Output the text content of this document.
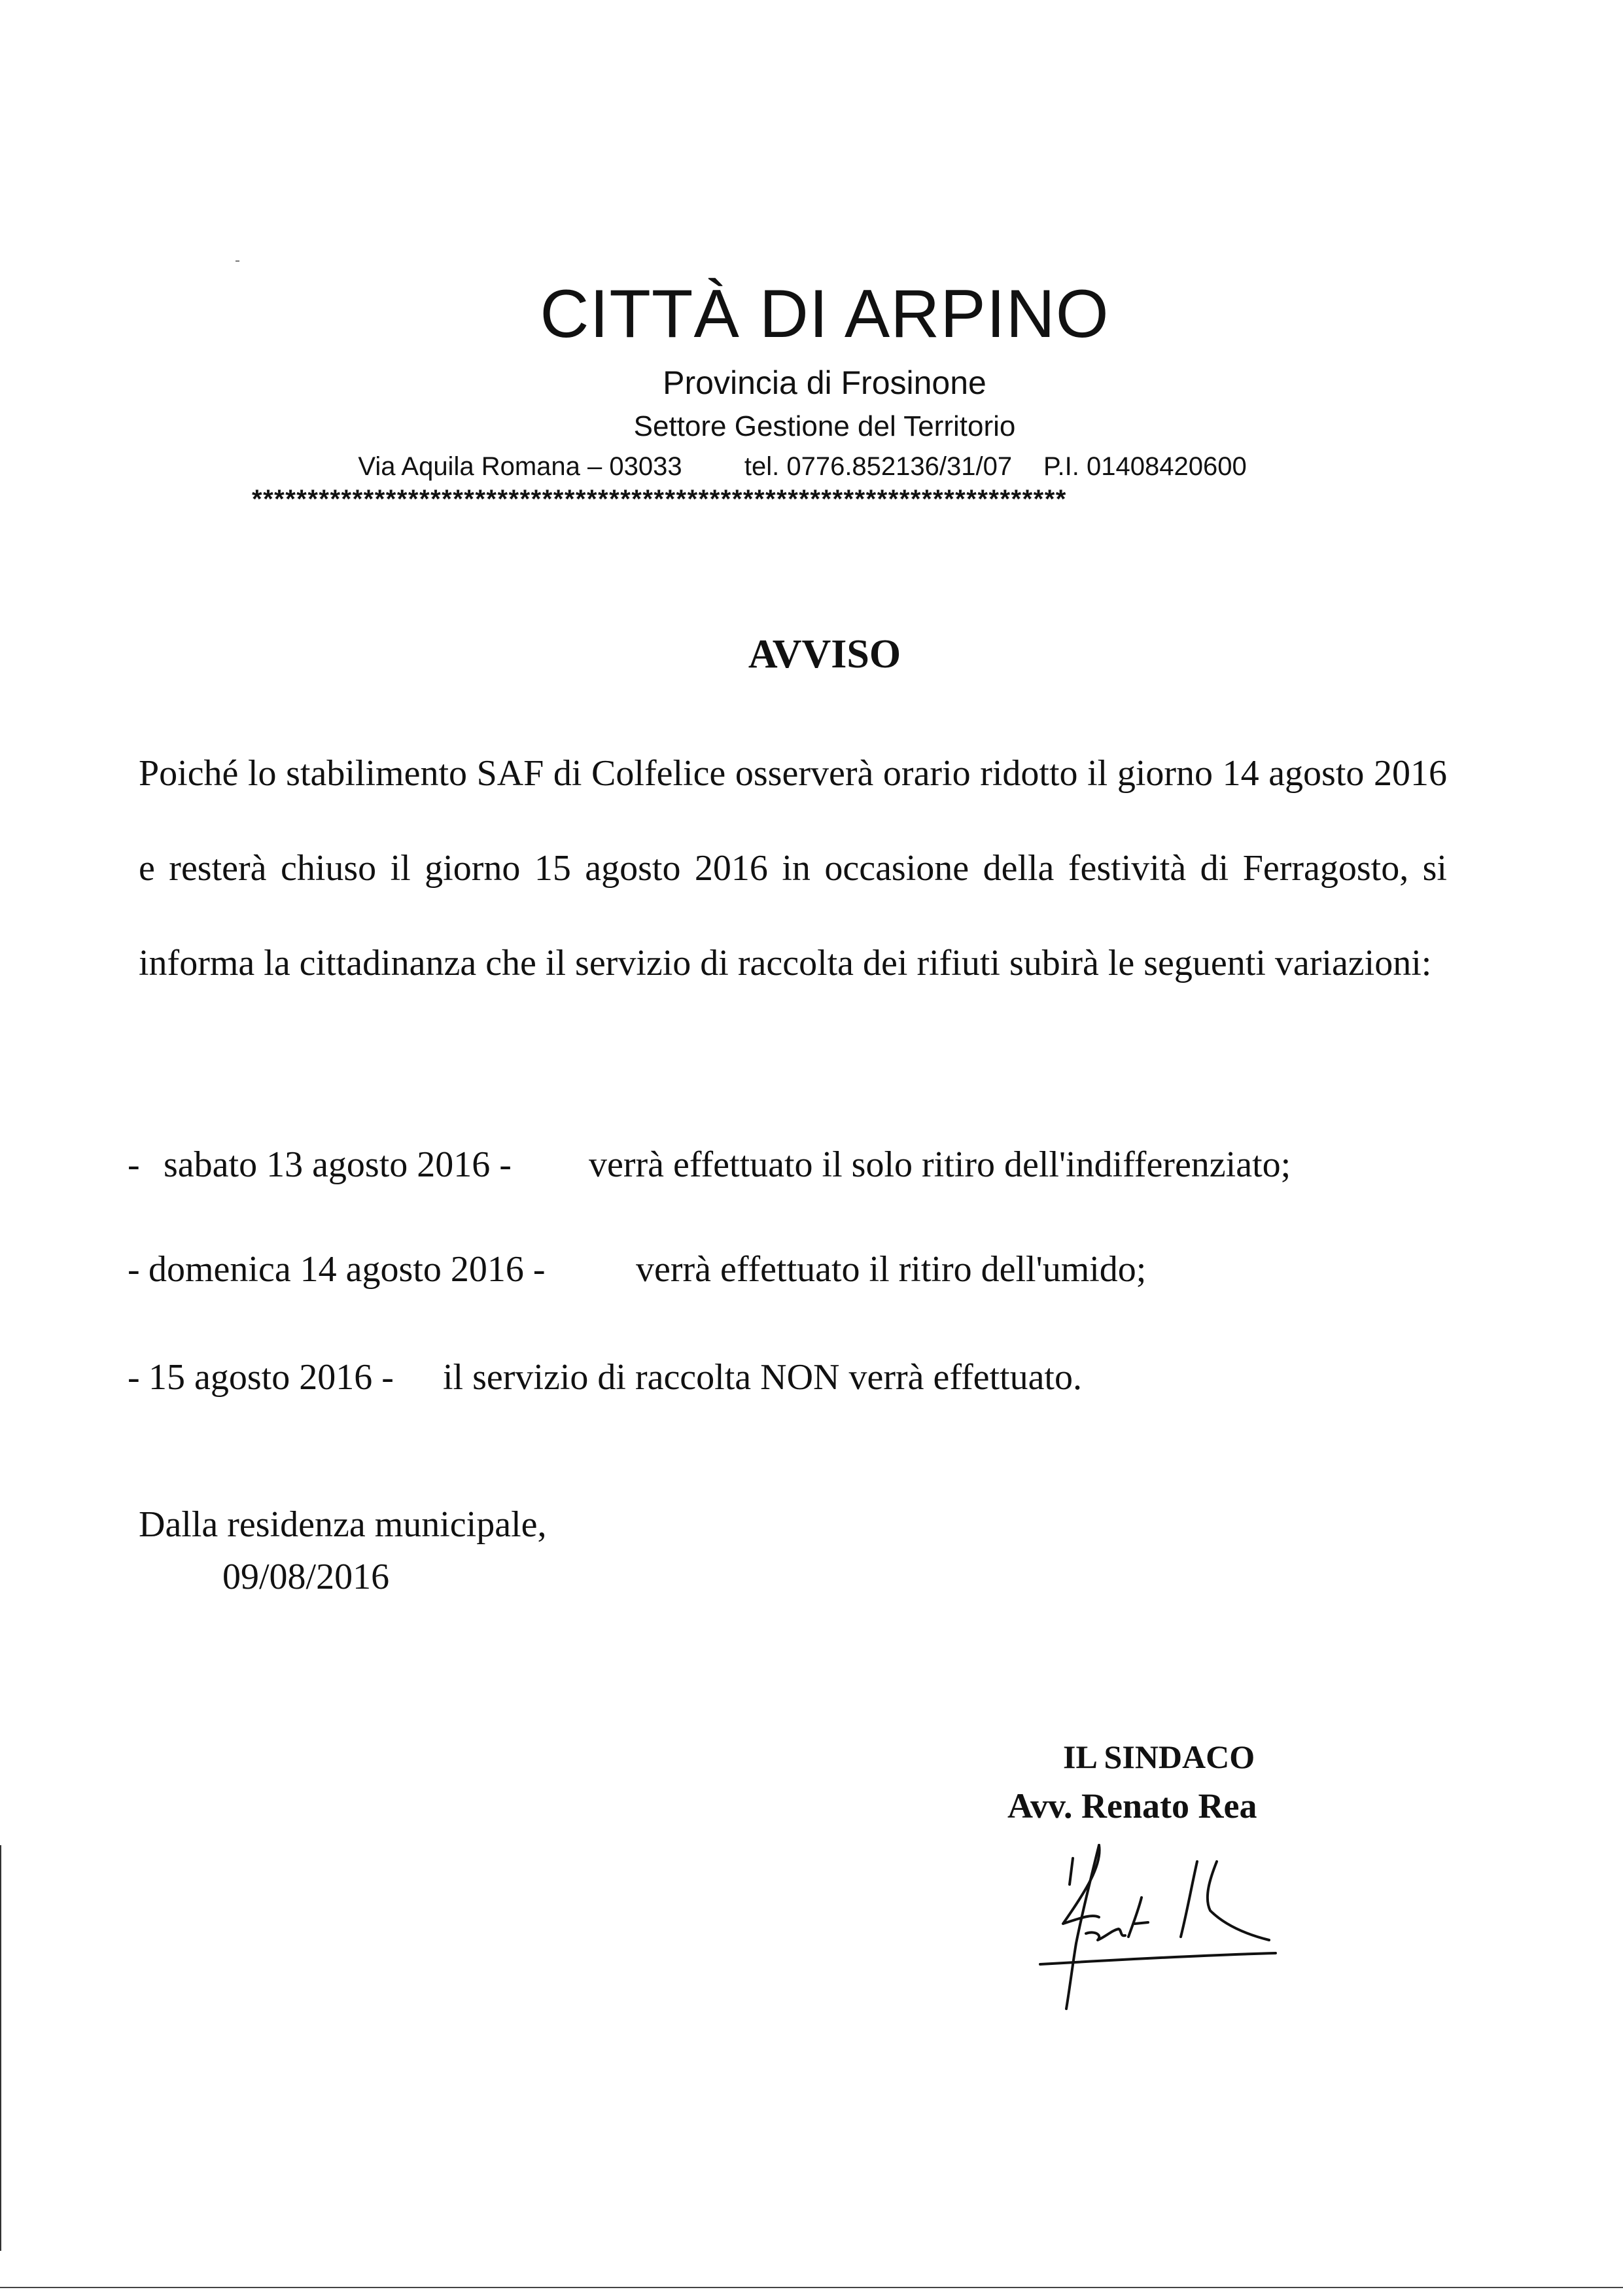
CITTÀ DI ARPINO
Provincia di Frosinone
Settore Gestione del Territorio
Via Aquila Romana – 03033 tel. 0776.852136/31/07 P.I. 01408420600
*************************************************************************
AVVISO
Poiché lo stabilimento SAF di Colfelice osserverà orario ridotto il giorno 14 agosto 2016 e resterà chiuso il giorno 15 agosto 2016 in occasione della festività di Ferragosto, si informa la cittadinanza che il servizio di raccolta dei rifiuti subirà le seguenti variazioni:
- sabato 13 agosto 2016 - verrà effettuato il solo ritiro dell'indifferenziato;
- domenica 14 agosto 2016 - verrà effettuato il ritiro dell'umido;
- 15 agosto 2016 - il servizio di raccolta NON verrà effettuato.
Dalla residenza municipale,
09/08/2016
IL SINDACO
Avv. Renato Rea
